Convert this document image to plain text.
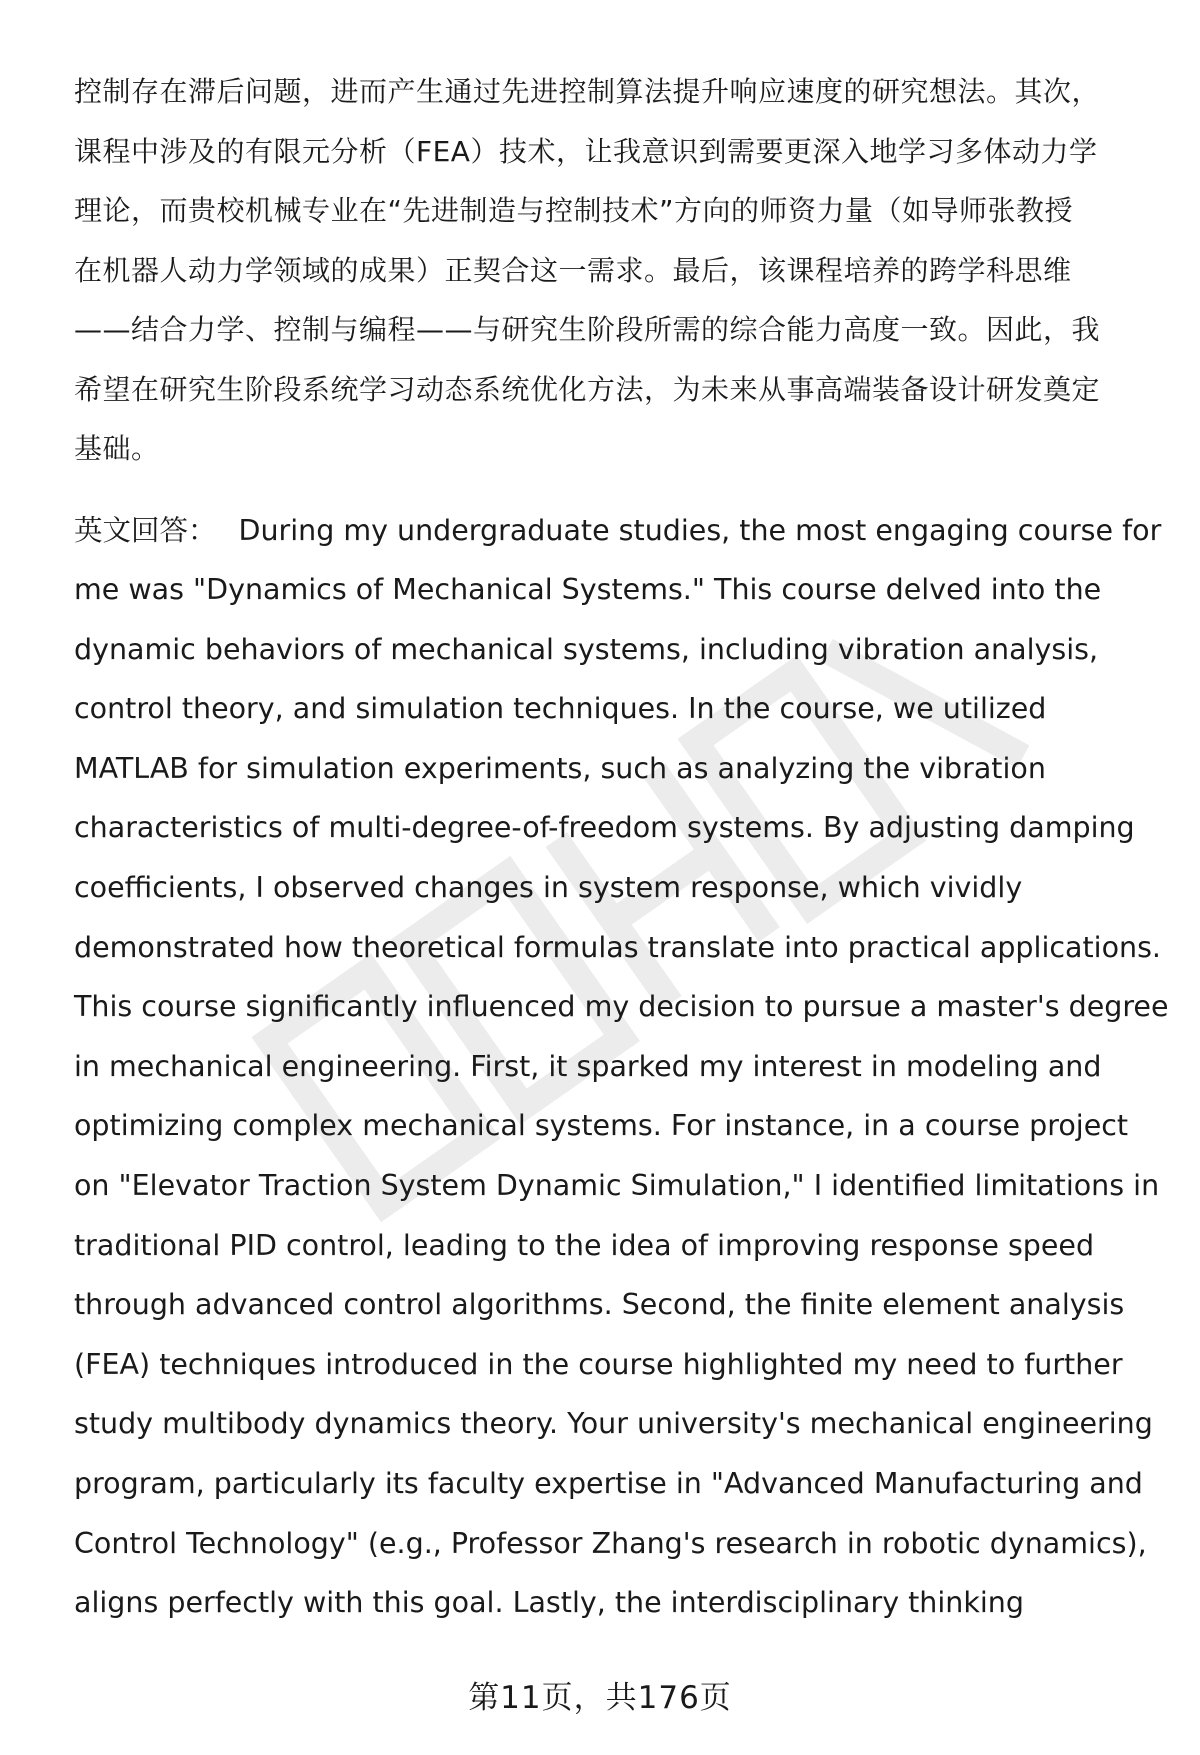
控制存在滞后问题，进而产生通过先进控制算法提升响应速度的研究想法。其次，
课程中涉及的有限元分析（FEA）技术，让我意识到需要更深入地学习多体动力学
理论，而贵校机械专业在“先进制造与控制技术”方向的师资力量（如导师张教授
在机器人动力学领域的成果）正契合这一需求。最后，该课程培养的跨学科思维
——结合力学、控制与编程——与研究生阶段所需的综合能力高度一致。因此，我
希望在研究生阶段系统学习动态系统优化方法，为未来从事高端装备设计研发奠定
基础。

英文回答： During my undergraduate studies, the most engaging course for
me was "Dynamics of Mechanical Systems." This course delved into the
dynamic behaviors of mechanical systems, including vibration analysis,
control theory, and simulation techniques. In the course, we utilized
MATLAB for simulation experiments, such as analyzing the vibration
characteristics of multi-degree-of-freedom systems. By adjusting damping
coefficients, I observed changes in system response, which vividly
demonstrated how theoretical formulas translate into practical applications.
This course significantly influenced my decision to pursue a master's degree
in mechanical engineering. First, it sparked my interest in modeling and
optimizing complex mechanical systems. For instance, in a course project
on "Elevator Traction System Dynamic Simulation," I identified limitations in
traditional PID control, leading to the idea of improving response speed
through advanced control algorithms. Second, the finite element analysis
(FEA) techniques introduced in the course highlighted my need to further
study multibody dynamics theory. Your university's mechanical engineering
program, particularly its faculty expertise in "Advanced Manufacturing and
Control Technology" (e.g., Professor Zhang's research in robotic dynamics),
aligns perfectly with this goal. Lastly, the interdisciplinary thinking

第11页，共176页
